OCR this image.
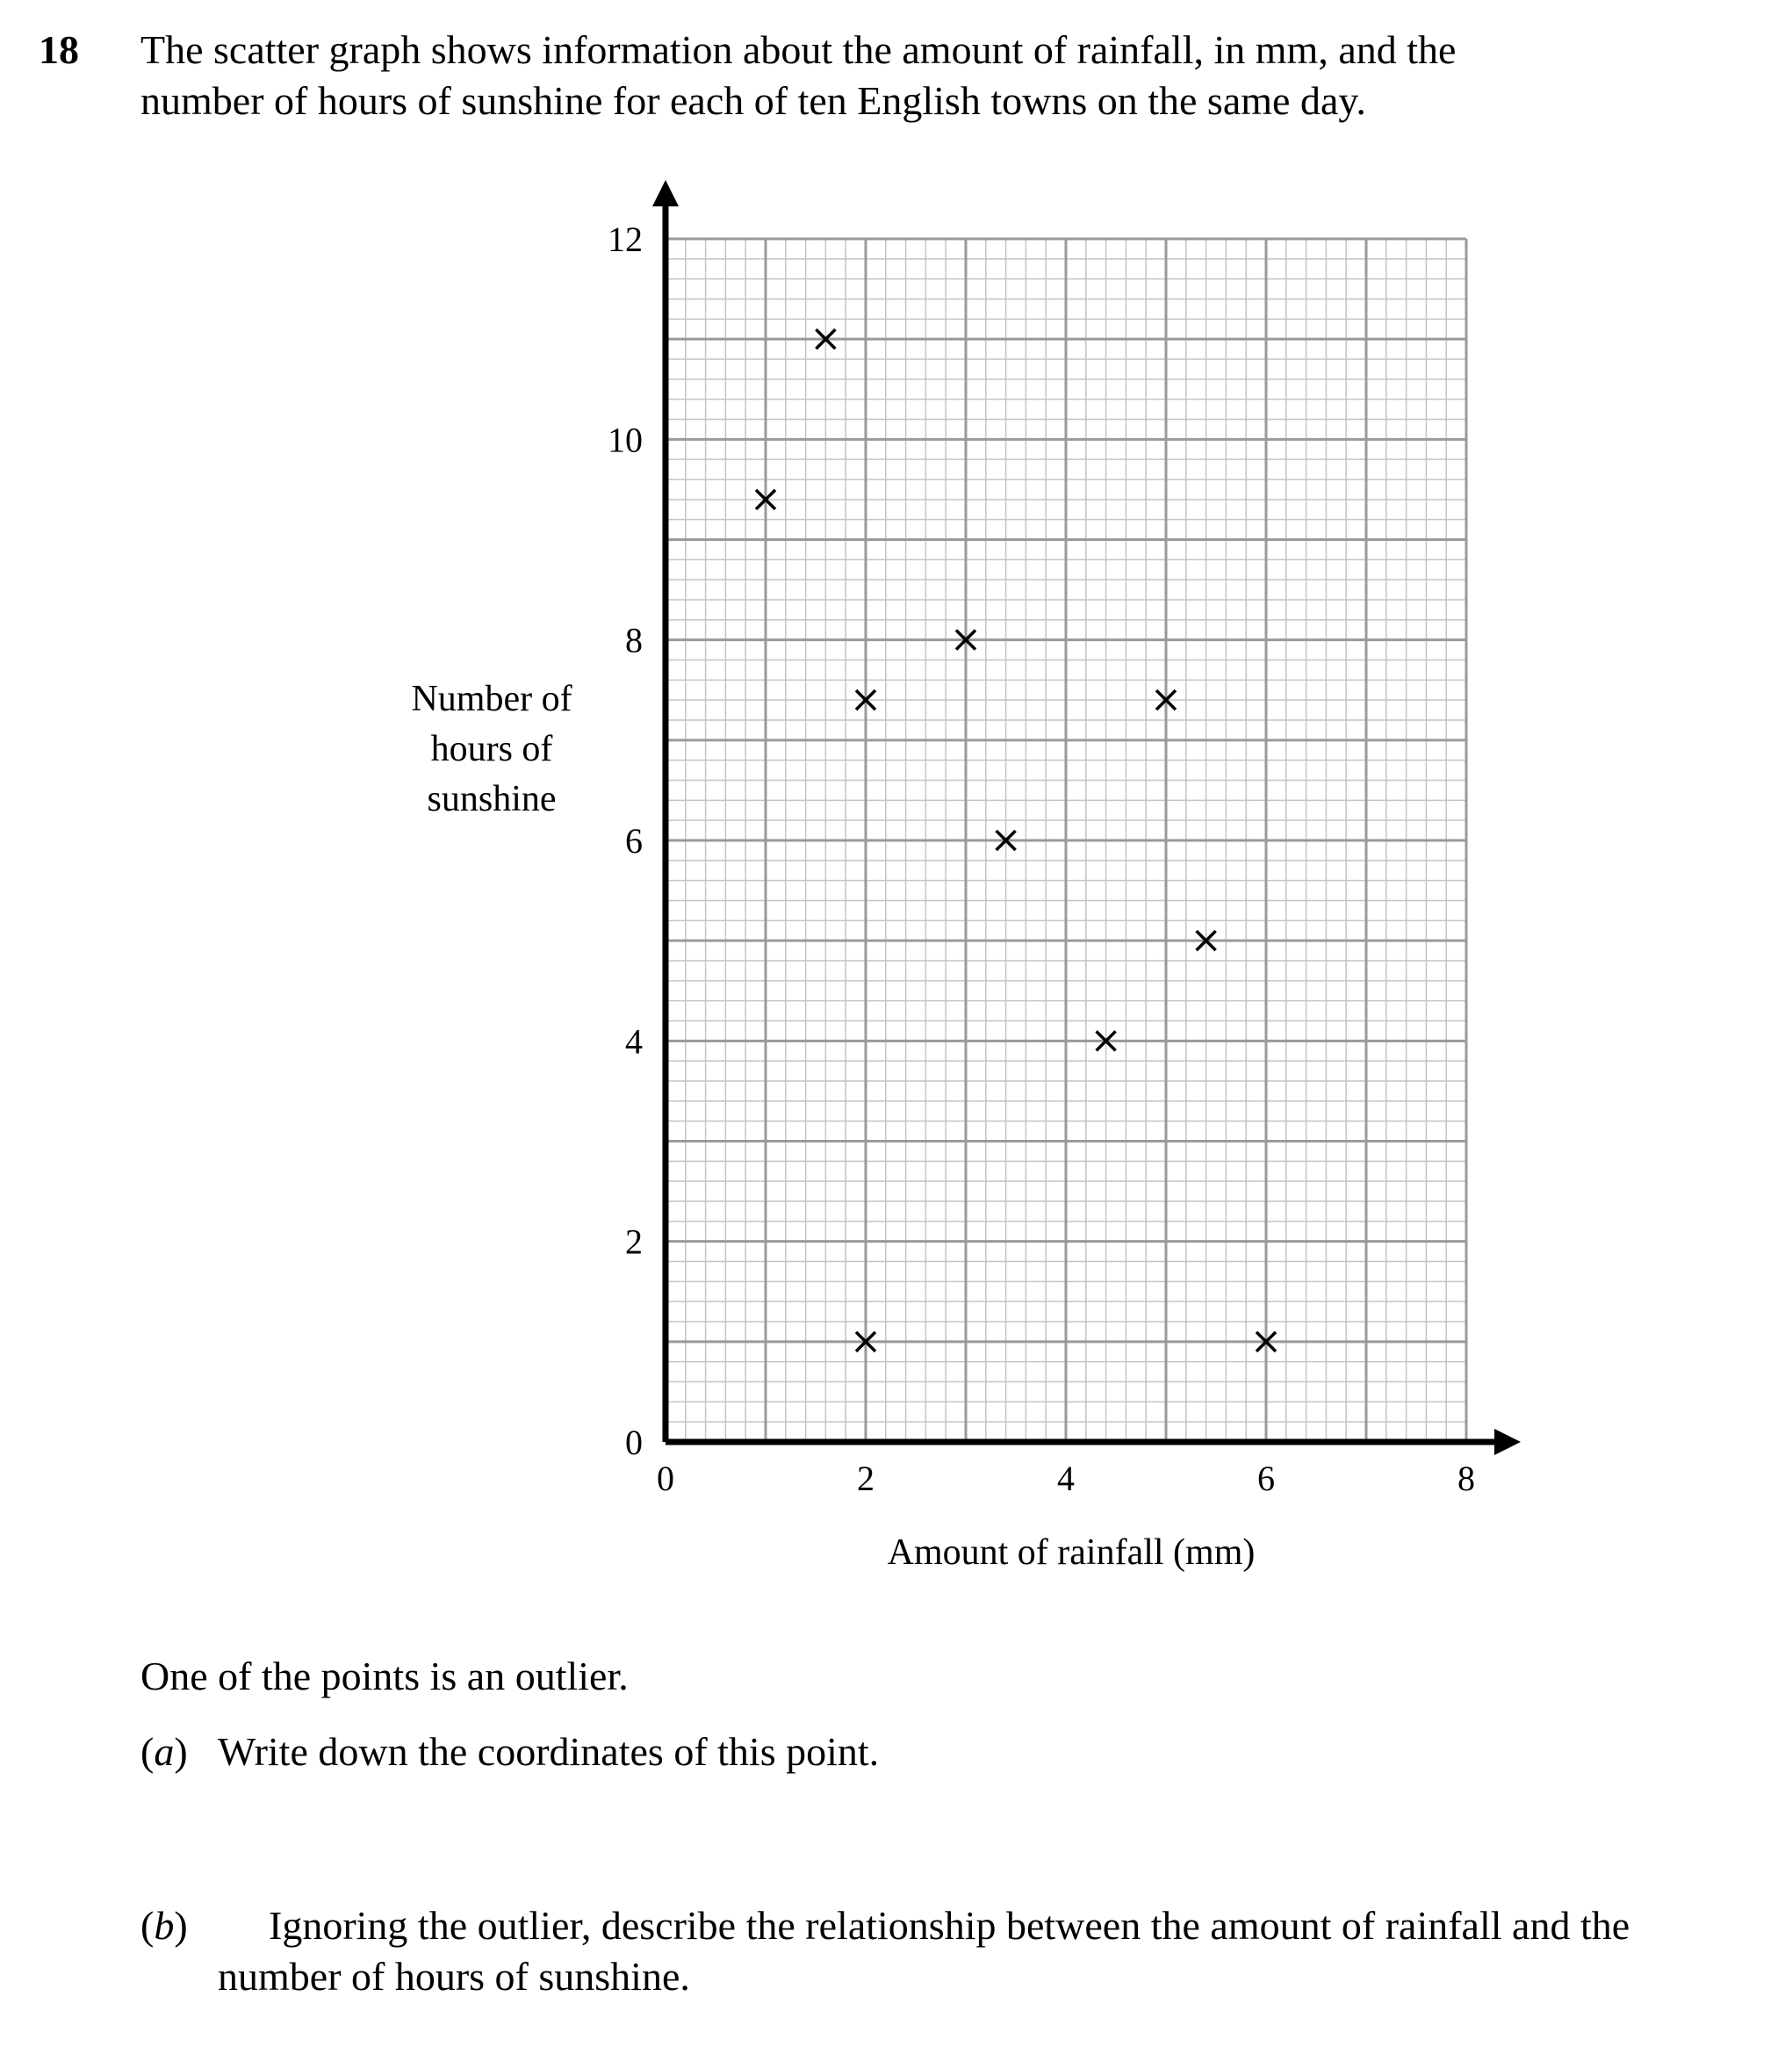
18 The scatter graph shows information about the amount of rainfall, in mm, and the
number of hours of sunshine for each of ten English towns on the same day.
0
2
4
6
8
10
12
0	2	4	6	8
Number of
hours of
sunshine
Amount of rainfall (mm)
One of the points is an outlier.
(a) Write down the coordinates of this point.
(b)	Ignoring the outlier, describe the relationship between the amount of rainfall and the
number of hours of sunshine.
